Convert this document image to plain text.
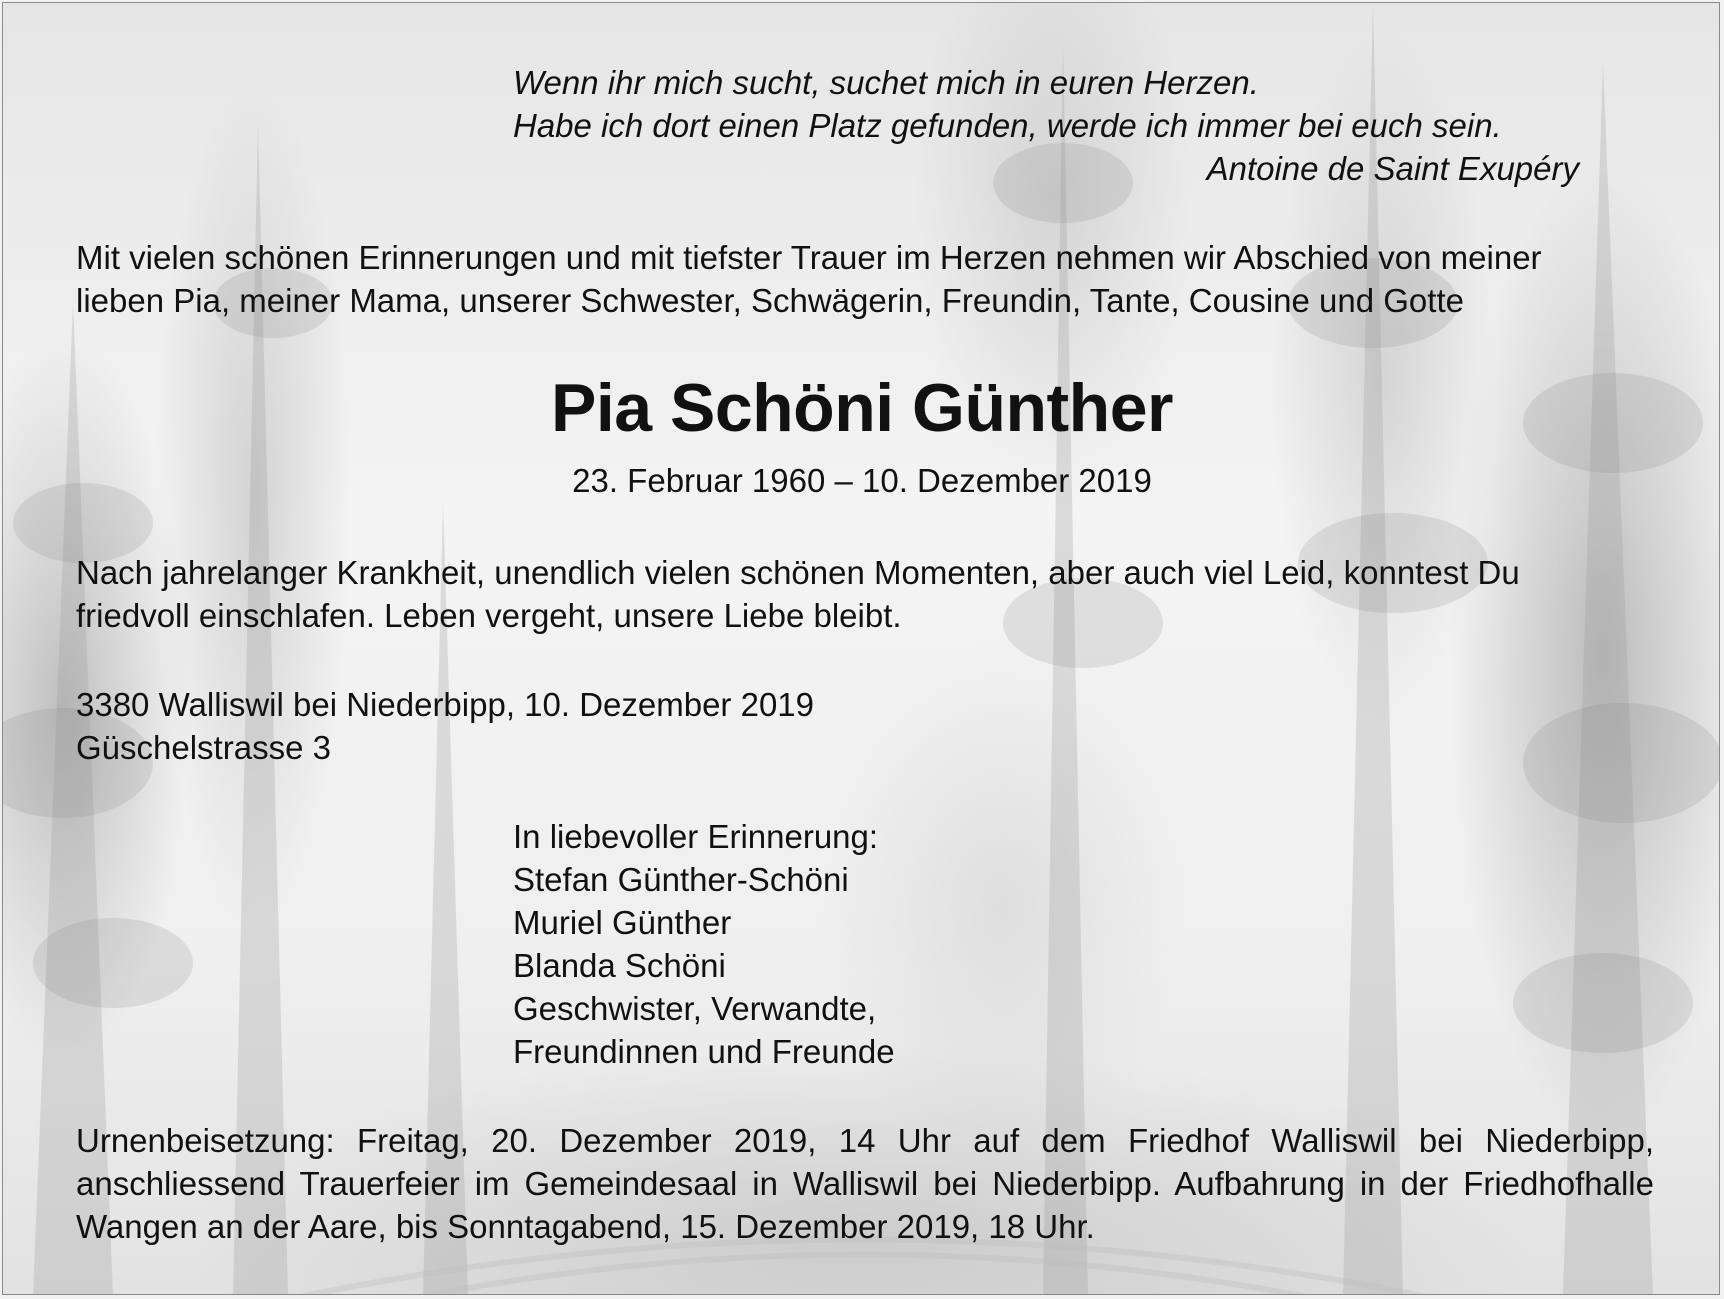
Wenn ihr mich sucht, suchet mich in euren Herzen.
Habe ich dort einen Platz gefunden, werde ich immer bei euch sein.
Antoine de Saint Exupéry
Mit vielen schönen Erinnerungen und mit tiefster Trauer im Herzen nehmen wir Abschied von meiner
lieben Pia, meiner Mama, unserer Schwester, Schwägerin, Freundin, Tante, Cousine und Gotte
Pia Schöni Günther
23. Februar 1960 – 10. Dezember 2019
Nach jahrelanger Krankheit, unendlich vielen schönen Momenten, aber auch viel Leid, konntest Du
friedvoll einschlafen. Leben vergeht, unsere Liebe bleibt.
3380 Walliswil bei Niederbipp, 10. Dezember 2019
Güschelstrasse 3
In liebevoller Erinnerung:
Stefan Günther-Schöni
Muriel Günther
Blanda Schöni
Geschwister, Verwandte,
Freundinnen und Freunde
Urnenbeisetzung: Freitag, 20. Dezember 2019, 14 Uhr auf dem Friedhof Walliswil bei Niederbipp,
anschliessend Trauerfeier im Gemeindesaal in Walliswil bei Niederbipp. Aufbahrung in der Friedhofhalle
Wangen an der Aare, bis Sonntagabend, 15. Dezember 2019, 18 Uhr.
